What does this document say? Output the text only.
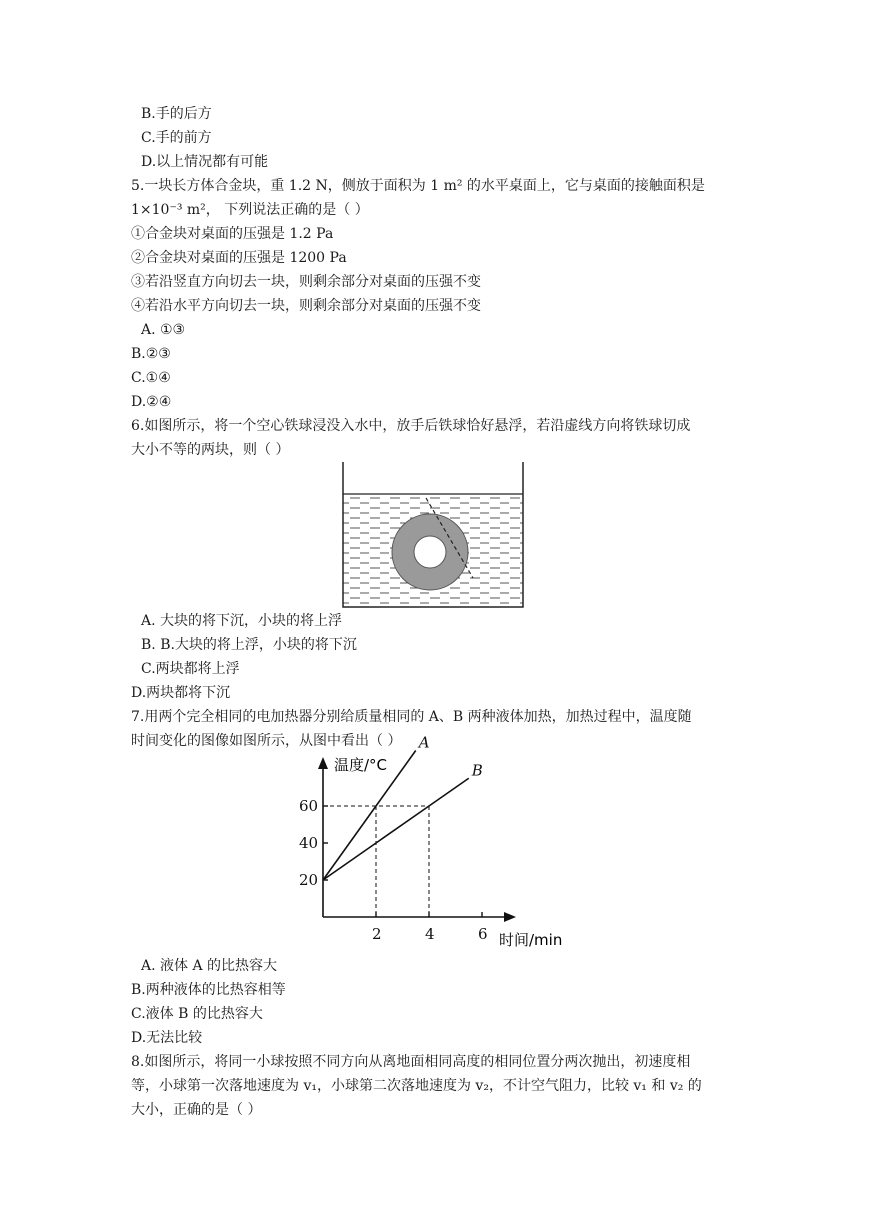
B.手的后方
C.手的前方
D.以上情况都有可能
5.一块长方体合金块，重 1.2 N，侧放于面积为 1 m² 的水平桌面上，它与桌面的接触面积是
1×10⁻³ m²， 下列说法正确的是（ ）
①合金块对桌面的压强是 1.2 Pa
②合金块对桌面的压强是 1200 Pa
③若沿竖直方向切去一块，则剩余部分对桌面的压强不变
④若沿水平方向切去一块，则剩余部分对桌面的压强不变
A. ①③
B.②③
C.①④
D.②④
6.如图所示，将一个空心铁球浸没入水中，放手后铁球恰好悬浮，若沿虚线方向将铁球切成
大小不等的两块，则（ ）
A. 大块的将下沉，小块的将上浮
B. B.大块的将上浮，小块的将下沉
C.两块都将上浮
D.两块都将下沉
7.用两个完全相同的电加热器分别给质量相同的 A、B 两种液体加热，加热过程中，温度随
时间变化的图像如图所示，从图中看出（ ） A
B
2	4	6
20
40
60
温度/°C
时间/min
A. 液体 A 的比热容大
B.两种液体的比热容相等
C.液体 B 的比热容大
D.无法比较
8.如图所示，将同一小球按照不同方向从离地面相同高度的相同位置分两次抛出，初速度相
等，小球第一次落地速度为 v₁，小球第二次落地速度为 v₂，不计空气阻力，比较 v₁ 和 v₂ 的
大小，正确的是（ ）
